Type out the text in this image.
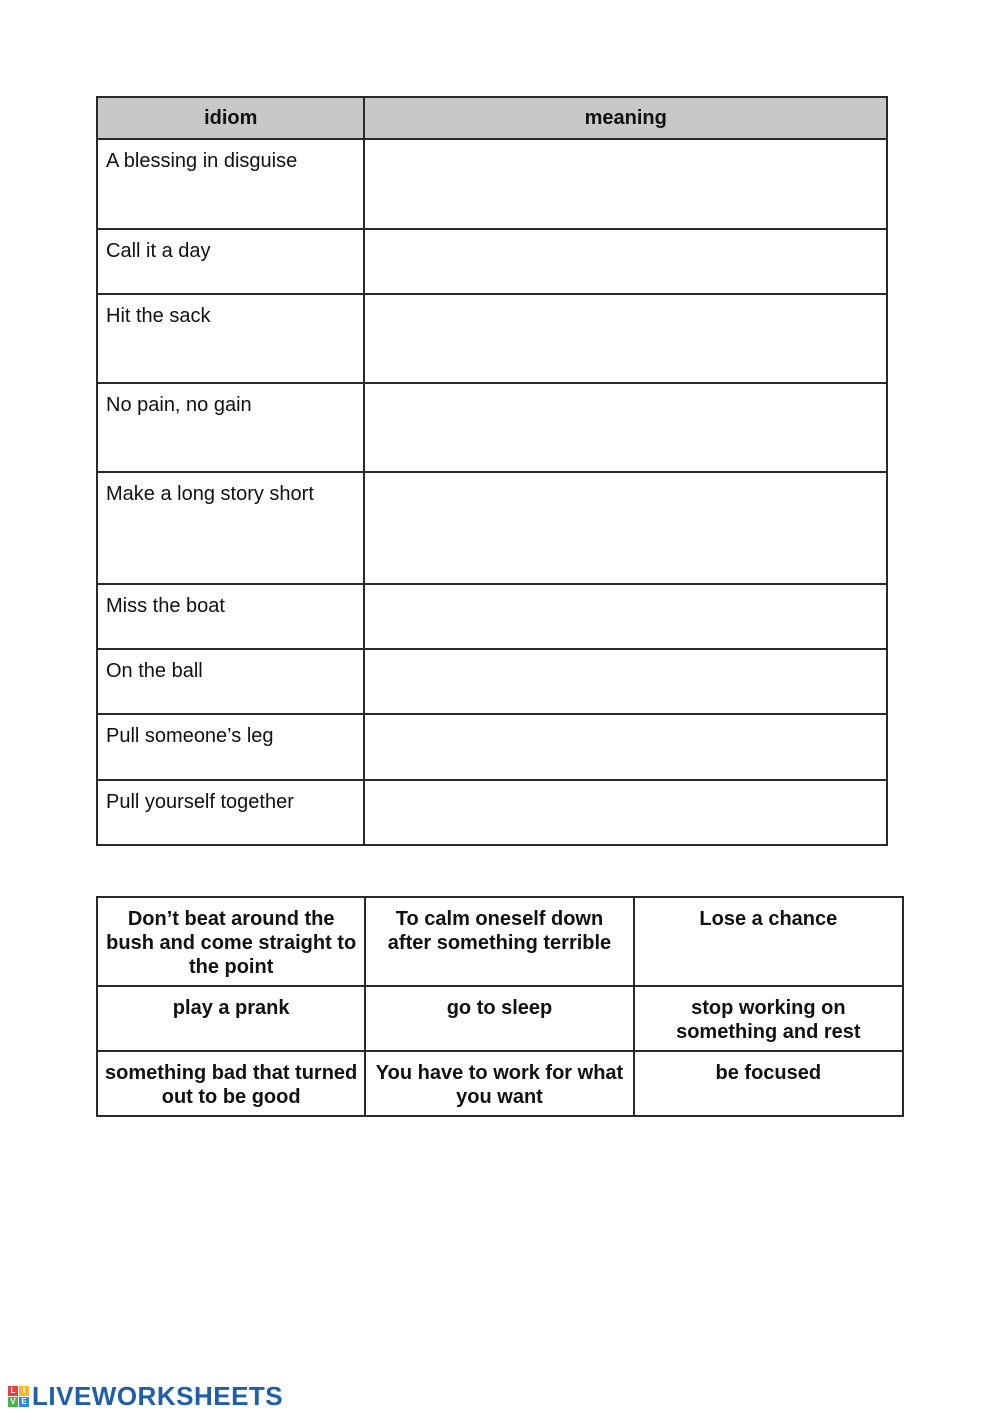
idiom	meaning
A blessing in disguise	
Call it a day	
Hit the sack	
No pain, no gain	
Make a long story short	
Miss the boat	
On the ball	
Pull someone’s leg	
Pull yourself together	
Don’t beat around the bush and come straight to the point	To calm oneself down after something terrible	Lose a chance
play a prank	go to sleep	stop working on something and rest
something bad that turned out to be good	You have to work for what you want	be focused
L I
V E LIVEWORKSHEETS
